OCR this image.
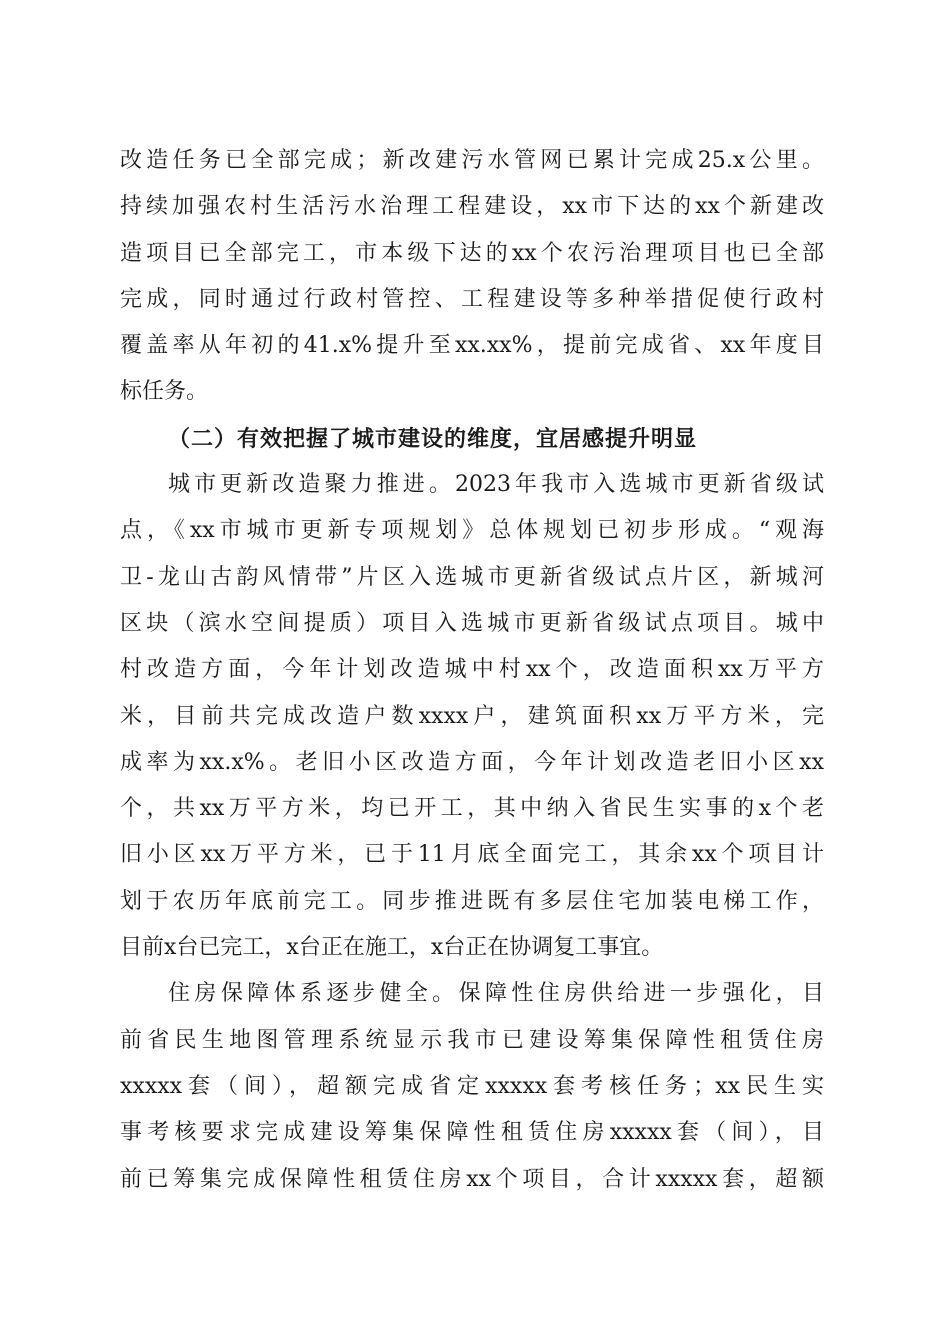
改造任务已全部完成；新改建污水管网已累计完成25.x公里。
持续加强农村生活污水治理工程建设，xx市下达的xx个新建改
造项目已全部完工，市本级下达的xx个农污治理项目也已全部
完成，同时通过行政村管控、工程建设等多种举措促使行政村
覆盖率从年初的41.x%提升至xx.xx%，提前完成省、xx年度目
标任务。
（二）有效把握了城市建设的维度，宜居感提升明显
城市更新改造聚力推进。2023年我市入选城市更新省级试
点，《xx市城市更新专项规划》总体规划已初步形成。“观海
卫-龙山古韵风情带”片区入选城市更新省级试点片区，新城河
区块（滨水空间提质）项目入选城市更新省级试点项目。城中
村改造方面，今年计划改造城中村xx个，改造面积xx万平方
米，目前共完成改造户数xxxx户，建筑面积xx万平方米，完
成率为xx.x%。老旧小区改造方面，今年计划改造老旧小区xx
个，共xx万平方米，均已开工，其中纳入省民生实事的x个老
旧小区xx万平方米，已于11月底全面完工，其余xx个项目计
划于农历年底前完工。同步推进既有多层住宅加装电梯工作，
目前x台已完工，x台正在施工，x台正在协调复工事宜。
住房保障体系逐步健全。保障性住房供给进一步强化，目
前省民生地图管理系统显示我市已建设筹集保障性租赁住房
xxxxx套（间），超额完成省定xxxxx套考核任务；xx民生实
事考核要求完成建设筹集保障性租赁住房xxxxx套（间），目
前已筹集完成保障性租赁住房xx个项目，合计xxxxx套，超额
